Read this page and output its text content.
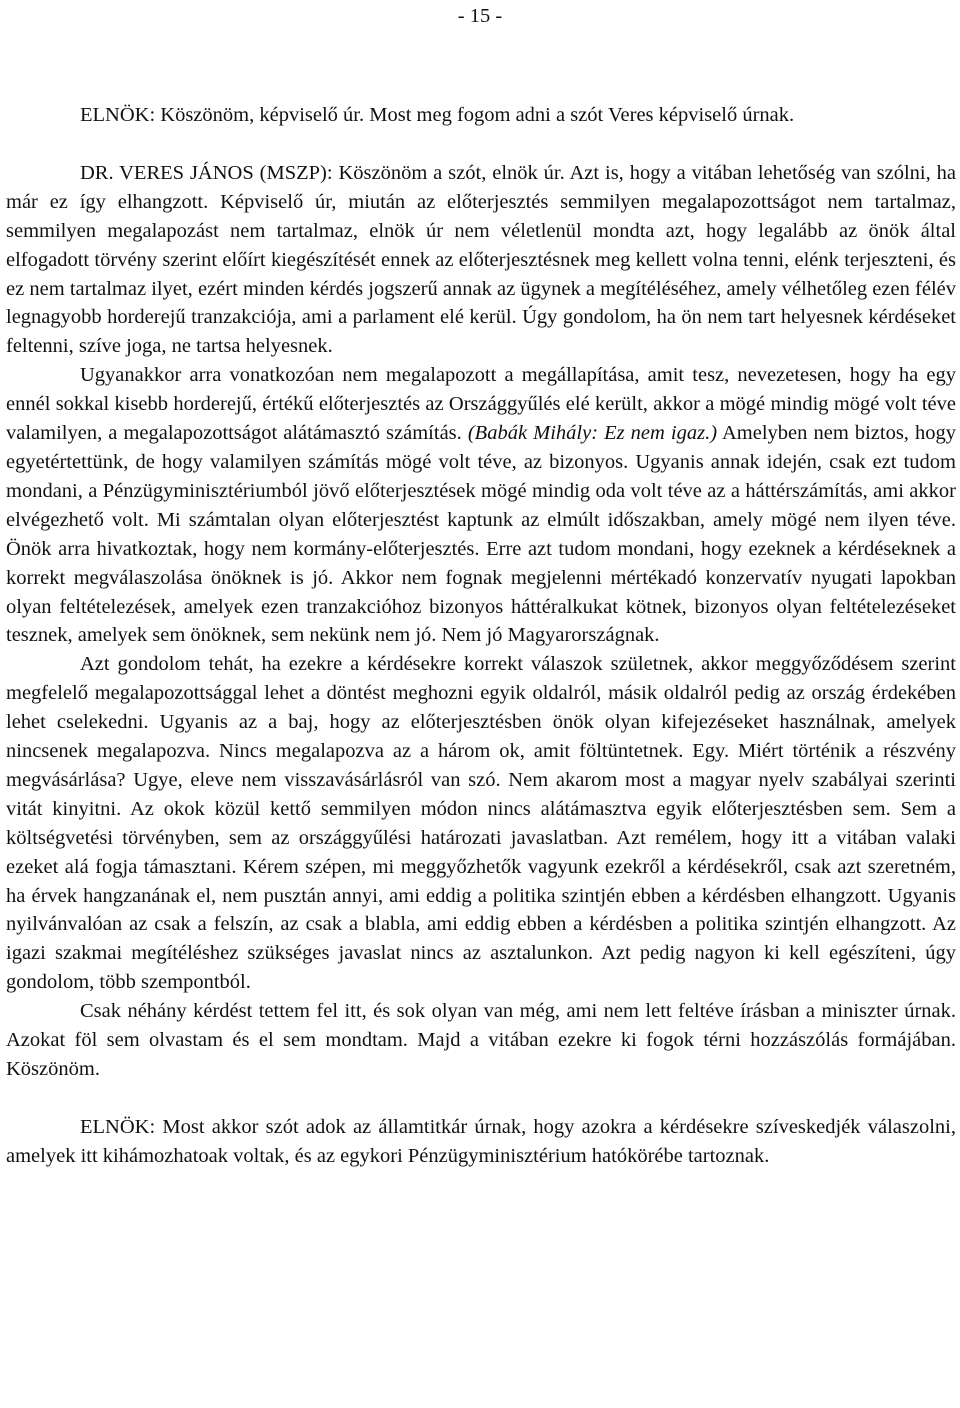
- 15 -

ELNÖK: Köszönöm, képviselő úr. Most meg fogom adni a szót Veres képviselő úrnak.

DR. VERES JÁNOS (MSZP): Köszönöm a szót, elnök úr. Azt is, hogy a vitában lehetőség van szólni, ha már ez így elhangzott. Képviselő úr, miután az előterjesztés semmilyen megalapozottságot nem tartalmaz, semmilyen megalapozást nem tartalmaz, elnök úr nem véletlenül mondta azt, hogy legalább az önök által elfogadott törvény szerint előírt kiegészítését ennek az előterjesztésnek meg kellett volna tenni, elénk terjeszteni, és ez nem tartalmaz ilyet, ezért minden kérdés jogszerű annak az ügynek a megítéléséhez, amely vélhetőleg ezen félév legnagyobb horderejű tranzakciója, ami a parlament elé kerül. Úgy gondolom, ha ön nem tart helyesnek kérdéseket feltenni, szíve joga, ne tartsa helyesnek.

Ugyanakkor arra vonatkozóan nem megalapozott a megállapítása, amit tesz, nevezetesen, hogy ha egy ennél sokkal kisebb horderejű, értékű előterjesztés az Országgyűlés elé került, akkor a mögé mindig mögé volt téve valamilyen, a megalapozottságot alátámasztó számítás. (Babák Mihály: Ez nem igaz.) Amelyben nem biztos, hogy egyetértettünk, de hogy valamilyen számítás mögé volt téve, az bizonyos. Ugyanis annak idején, csak ezt tudom mondani, a Pénzügyminisztériumból jövő előterjesztések mögé mindig oda volt téve az a háttérszámítás, ami akkor elvégezhető volt. Mi számtalan olyan előterjesztést kaptunk az elmúlt időszakban, amely mögé nem ilyen téve. Önök arra hivatkoztak, hogy nem kormány-előterjesztés. Erre azt tudom mondani, hogy ezeknek a kérdéseknek a korrekt megválaszolása önöknek is jó. Akkor nem fognak megjelenni mértékadó konzervatív nyugati lapokban olyan feltételezések, amelyek ezen tranzakcióhoz bizonyos háttéralkukat kötnek, bizonyos olyan feltételezéseket tesznek, amelyek sem önöknek, sem nekünk nem jó. Nem jó Magyarországnak.

Azt gondolom tehát, ha ezekre a kérdésekre korrekt válaszok születnek, akkor meggyőződésem szerint megfelelő megalapozottsággal lehet a döntést meghozni egyik oldalról, másik oldalról pedig az ország érdekében lehet cselekedni. Ugyanis az a baj, hogy az előterjesztésben önök olyan kifejezéseket használnak, amelyek nincsenek megalapozva. Nincs megalapozva az a három ok, amit föltüntetnek. Egy. Miért történik a részvény megvásárlása? Ugye, eleve nem visszavásárlásról van szó. Nem akarom most a magyar nyelv szabályai szerinti vitát kinyitni. Az okok közül kettő semmilyen módon nincs alátámasztva egyik előterjesztésben sem. Sem a költségvetési törvényben, sem az országgyűlési határozati javaslatban. Azt remélem, hogy itt a vitában valaki ezeket alá fogja támasztani. Kérem szépen, mi meggyőzhetők vagyunk ezekről a kérdésekről, csak azt szeretném, ha érvek hangzanának el, nem pusztán annyi, ami eddig a politika szintjén ebben a kérdésben elhangzott. Ugyanis nyilvánvalóan az csak a felszín, az csak a blabla, ami eddig ebben a kérdésben a politika szintjén elhangzott. Az igazi szakmai megítéléshez szükséges javaslat nincs az asztalunkon. Azt pedig nagyon ki kell egészíteni, úgy gondolom, több szempontból.

Csak néhány kérdést tettem fel itt, és sok olyan van még, ami nem lett feltéve írásban a miniszter úrnak. Azokat föl sem olvastam és el sem mondtam. Majd a vitában ezekre ki fogok térni hozzászólás formájában. Köszönöm.

ELNÖK: Most akkor szót adok az államtitkár úrnak, hogy azokra a kérdésekre szíveskedjék válaszolni, amelyek itt kihámozhatoak voltak, és az egykori Pénzügyminisztérium hatókörébe tartoznak.
